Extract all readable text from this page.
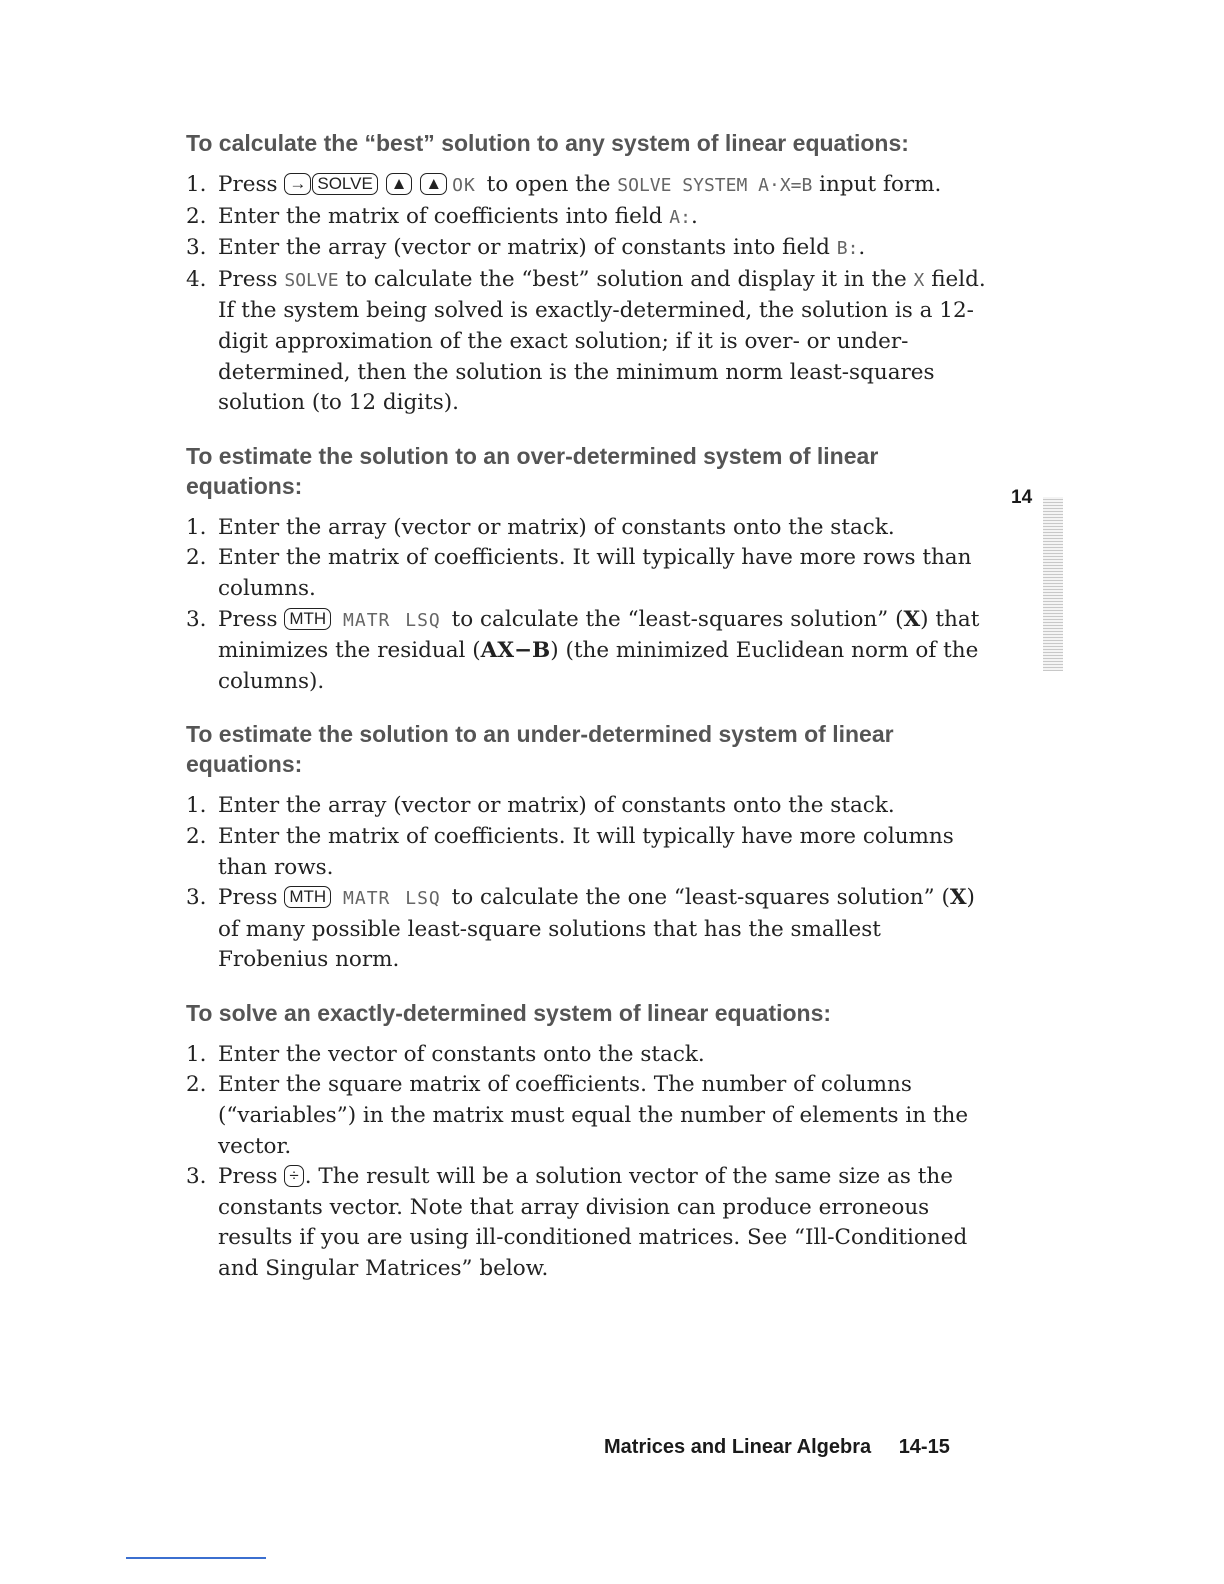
To calculate the “best” solution to any system of linear equations:
1. Press → SOLVE ▲ ▲ OK to open the SOLVE SYSTEM A·X=B input form.
2. Enter the matrix of coefficients into field A:.
3. Enter the array (vector or matrix) of constants into field B:.
4. Press SOLVE to calculate the “best” solution and display it in the X field. If the system being solved is exactly-determined, the solution is a 12-digit approximation of the exact solution; if it is over- or under-determined, then the solution is the minimum norm least-squares solution (to 12 digits).
To estimate the solution to an over-determined system of linear equations:
1. Enter the array (vector or matrix) of constants onto the stack.
2. Enter the matrix of coefficients. It will typically have more rows than columns.
3. Press MTH MATR LSQ to calculate the “least-squares solution” (X) that minimizes the residual (AX−B) (the minimized Euclidean norm of the columns).
To estimate the solution to an under-determined system of linear equations:
1. Enter the array (vector or matrix) of constants onto the stack.
2. Enter the matrix of coefficients. It will typically have more columns than rows.
3. Press MTH MATR LSQ to calculate the one “least-squares solution” (X) of many possible least-square solutions that has the smallest Frobenius norm.
To solve an exactly-determined system of linear equations:
1. Enter the vector of constants onto the stack.
2. Enter the square matrix of coefficients. The number of columns (“variables”) in the matrix must equal the number of elements in the vector.
3. Press ÷ . The result will be a solution vector of the same size as the constants vector. Note that array division can produce erroneous results if you are using ill-conditioned matrices. See “Ill-Conditioned and Singular Matrices” below.
14
Matrices and Linear Algebra 14-15
